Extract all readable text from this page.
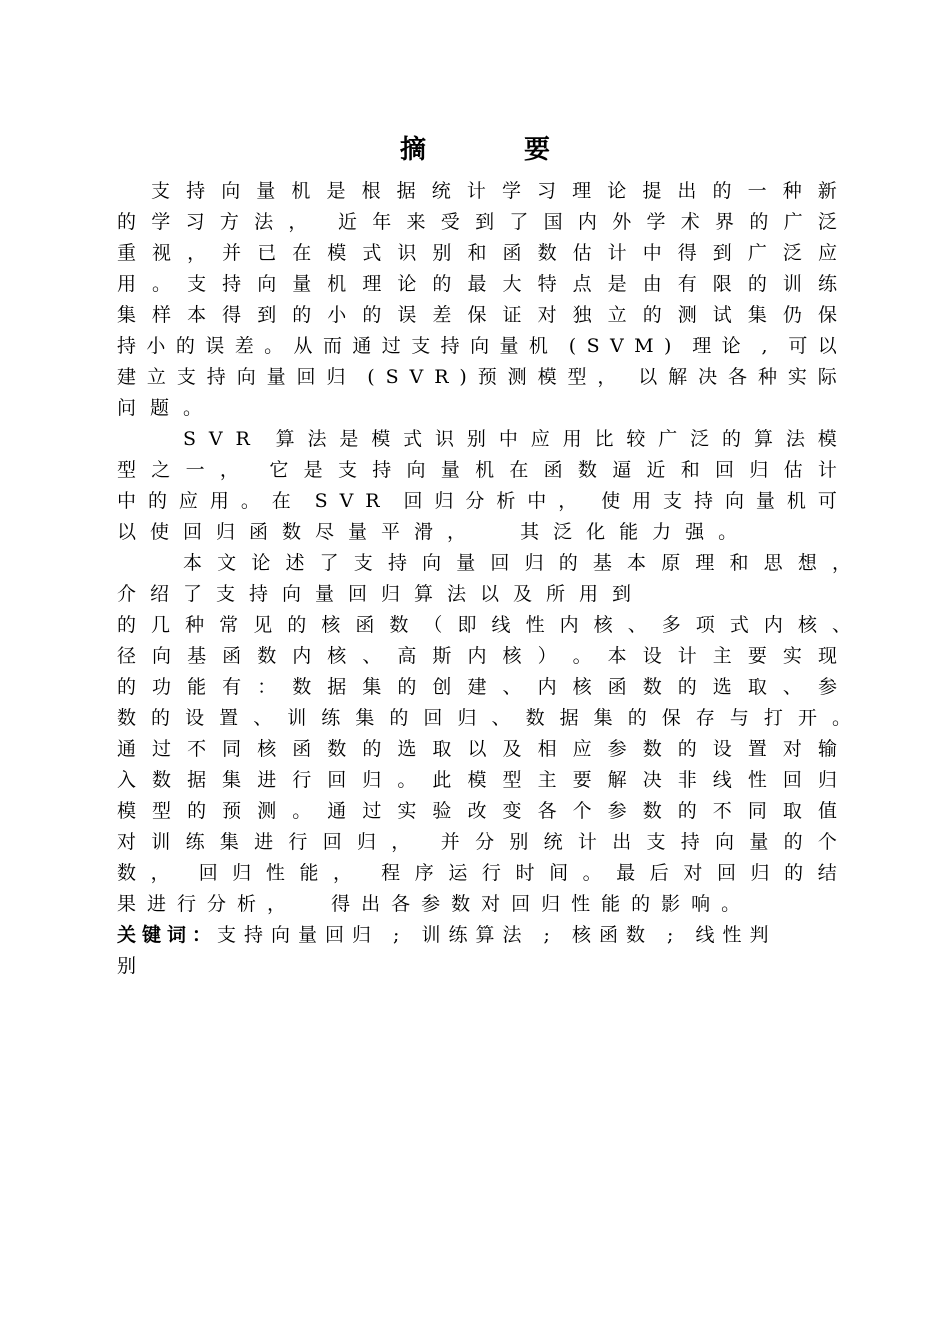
摘　要
支 持 向 量 机 是 根 据 统 计 学 习 理 论 提 出 的 一 种 新
的 学 习 方 法 ，
近 年 来 受 到 了 国 内 外 学 术 界 的 广 泛
重 视 ， 并 已 在 模 式 识 别 和 函 数 估 计 中 得 到 广 泛 应
用 。 支 持 向 量 机 理 论 的 最 大 特 点 是 由 有 限 的 训 练
集 样 本 得 到 的 小 的 误 差 保 证 对 独 立 的 测 试 集 仍 保
持 小 的 误 差 。 从 而 通 过 支 持 向 量 机
( S V M )
理 论
,
可 以
建 立 支 持 向 量 回 归
( S V R ) 预 测 模 型 ，
以 解 决 各 种 实 际
问题。
S V R
算 法 是 模 式 识 别 中 应 用 比 较 广 泛 的 算 法 模
型 之 一 ，
它 是 支 持 向 量 机 在 函 数 逼 近 和 回 归 估 计
中 的 应 用 。 在
S V R
回 归 分 析 中 ，
使 用 支 持 向 量 机 可
以使回归函数尽量平滑，  其泛化能力强。
本 文 论 述 了 支 持 向 量 回 归 的 基 本 原 理 和 思 想 ，
介绍了支持向量回归算法以及所用到
的 几 种 常 见 的 核 函 数 （ 即 线 性 内 核 、 多 项 式 内 核 、
径 向 基 函 数 内 核 、 高 斯 内 核 ） 。 本 设 计 主 要 实 现
的 功 能 有 ： 数 据 集 的 创 建 、 内 核 函 数 的 选 取 、 参
数 的 设 置 、 训 练 集 的 回 归 、 数 据 集 的 保 存 与 打 开 。
通 过 不 同 核 函 数 的 选 取 以 及 相 应 参 数 的 设 置 对 输
入 数 据 集 进 行 回 归 。 此 模 型 主 要 解 决 非 线 性 回 归
模 型 的 预 测 。 通 过 实 验 改 变 各 个 参 数 的 不 同 取 值
对 训 练 集 进 行 回 归 ，
并 分 别 统 计 出 支 持 向 量 的 个
数 ，
回 归 性 能 ，
程 序 运 行 时 间 。 最 后 对 回 归 的 结
果进行分析，  得出各参数对回归性能的影响。
关键词：支持向量回归 ; 训练算法 ; 核函数 ; 线性判
别
